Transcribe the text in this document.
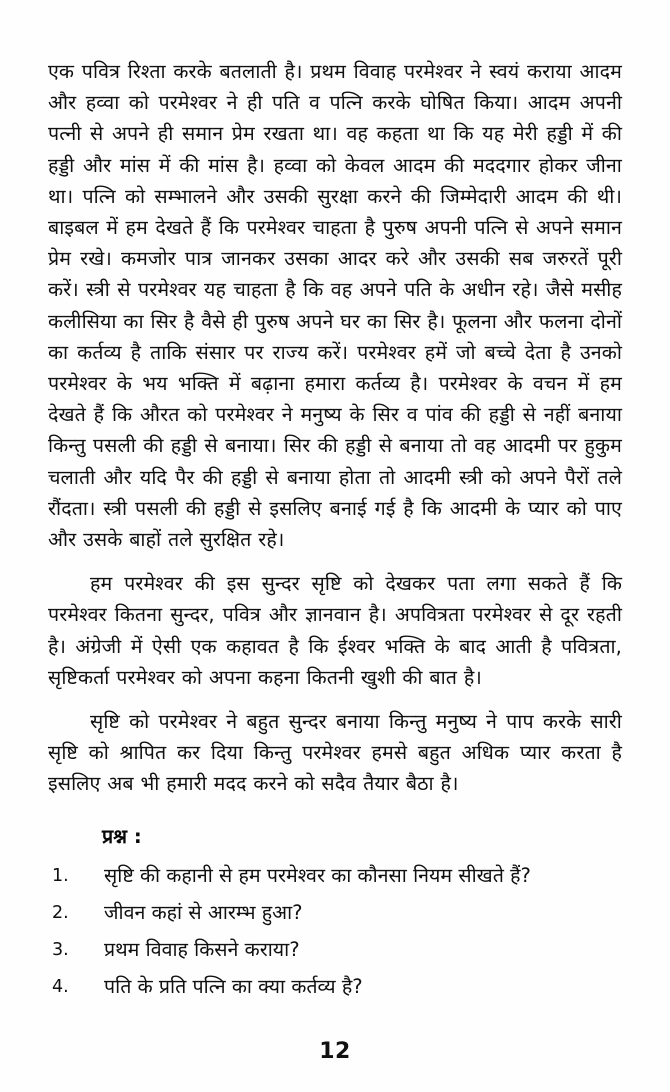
एक पवित्र रिश्ता करके बतलाती है। प्रथम विवाह परमेश्वर ने स्वयं कराया आदम और हव्वा को परमेश्वर ने ही पति व पत्नि करके घोषित किया। आदम अपनी पत्नी से अपने ही समान प्रेम रखता था। वह कहता था कि यह मेरी हड्डी में की हड्डी और मांस में की मांस है। हव्वा को केवल आदम की मददगार होकर जीना था। पत्नि को सम्भालने और उसकी सुरक्षा करने की जिम्मेदारी आदम की थी। बाइबल में हम देखते हैं कि परमेश्वर चाहता है पुरुष अपनी पत्नि से अपने समान प्रेम रखे। कमजोर पात्र जानकर उसका आदर करे और उसकी सब जरुरतें पूरी करें। स्त्री से परमेश्वर यह चाहता है कि वह अपने पति के अधीन रहे। जैसे मसीह कलीसिया का सिर है वैसे ही पुरुष अपने घर का सिर है। फूलना और फलना दोनों का कर्तव्य है ताकि संसार पर राज्य करें। परमेश्वर हमें जो बच्चे देता है उनको परमेश्वर के भय भक्ति में बढ़ाना हमारा कर्तव्य है। परमेश्वर के वचन में हम देखते हैं कि औरत को परमेश्वर ने मनुष्य के सिर व पांव की हड्डी से नहीं बनाया किन्तु पसली की हड्डी से बनाया। सिर की हड्डी से बनाया तो वह आदमी पर हुकुम चलाती और यदि पैर की हड्डी से बनाया होता तो आदमी स्त्री को अपने पैरों तले रौंदता। स्त्री पसली की हड्डी से इसलिए बनाई गई है कि आदमी के प्यार को पाए और उसके बाहों तले सुरक्षित रहे।

हम परमेश्वर की इस सुन्दर सृष्टि को देखकर पता लगा सकते हैं कि परमेश्वर कितना सुन्दर, पवित्र और ज्ञानवान है। अपवित्रता परमेश्वर से दूर रहती है। अंग्रेजी में ऐसी एक कहावत है कि ईश्वर भक्ति के बाद आती है पवित्रता, सृष्टिकर्ता परमेश्वर को अपना कहना कितनी खुशी की बात है।

सृष्टि को परमेश्वर ने बहुत सुन्दर बनाया किन्तु मनुष्य ने पाप करके सारी सृष्टि को श्रापित कर दिया किन्तु परमेश्वर हमसे बहुत अधिक प्यार करता है इसलिए अब भी हमारी मदद करने को सदैव तैयार बैठा है।

प्रश्न :
1.	सृष्टि की कहानी से हम परमेश्वर का कौनसा नियम सीखते हैं?
2.	जीवन कहां से आरम्भ हुआ?
3.	प्रथम विवाह किसने कराया?
4.	पति के प्रति पत्नि का क्या कर्तव्य है?
12
